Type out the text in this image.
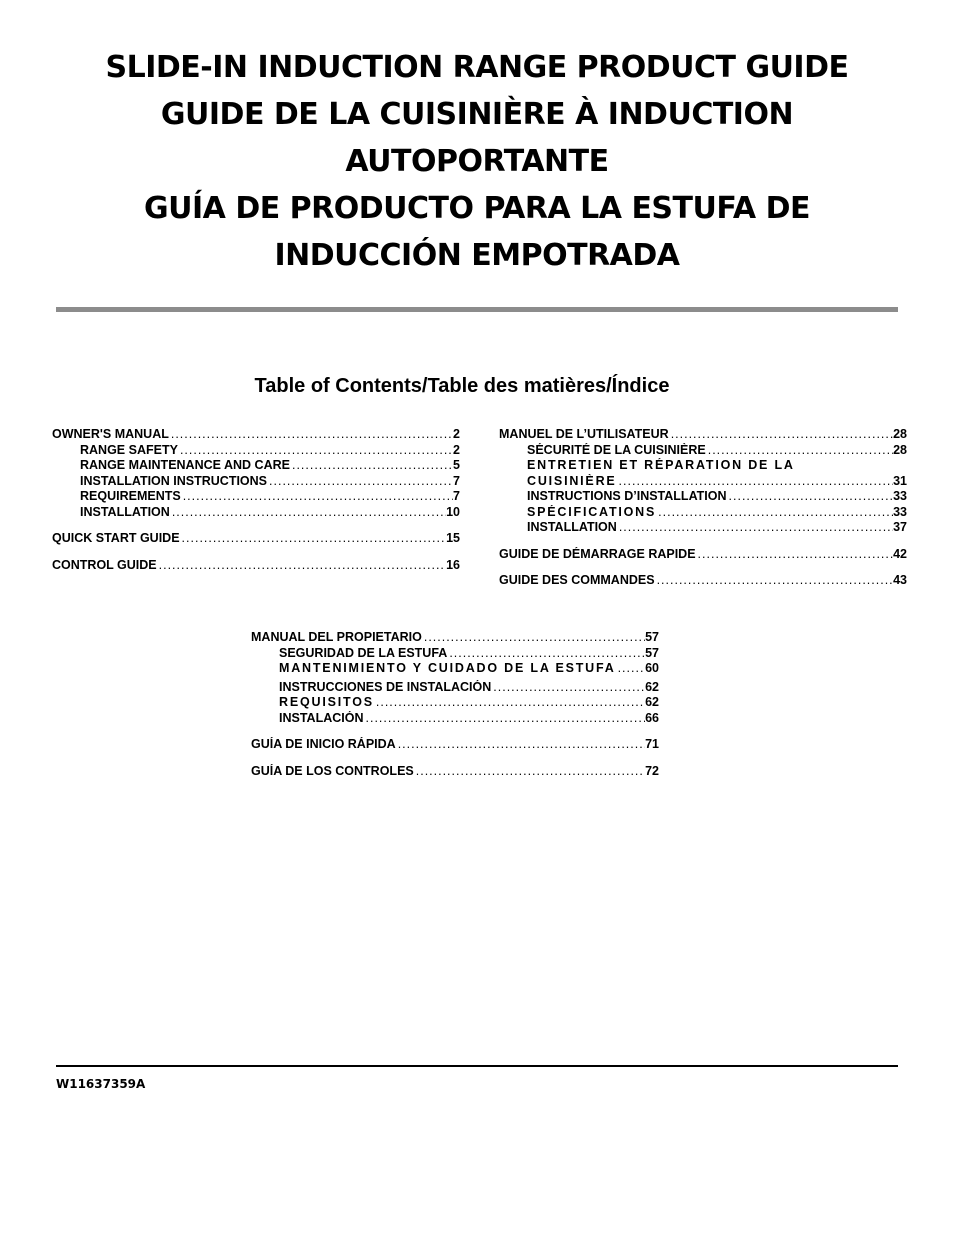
SLIDE-IN INDUCTION RANGE PRODUCT GUIDE
GUIDE DE LA CUISINIÈRE À INDUCTION
AUTOPORTANTE
GUÍA DE PRODUCTO PARA LA ESTUFA DE
INDUCCIÓN EMPOTRADA
Table of Contents/Table des matières/Índice
OWNER'S MANUAL .....	2
RANGE SAFETY .....	2
RANGE MAINTENANCE AND CARE .....	5
INSTALLATION INSTRUCTIONS .....	7
REQUIREMENTS .....	7
INSTALLATION .....	10
QUICK START GUIDE .....	15
CONTROL GUIDE .....	16
MANUEL DE L’UTILISATEUR .....	28
SÉCURITÉ DE LA CUISINIÈRE .....	28
ENTRETIEN ET RÉPARATION DE LA
CUISINIÈRE .....	31
INSTRUCTIONS D’INSTALLATION .....	33
SPÉCIFICATIONS .....	33
INSTALLATION .....	37
GUIDE DE DÉMARRAGE RAPIDE .....	42
GUIDE DES COMMANDES .....	43
MANUAL DEL PROPIETARIO .....	57
SEGURIDAD DE LA ESTUFA .....	57
MANTENIMIENTO Y CUIDADO DE LA ESTUFA ..... 60
INSTRUCCIONES DE INSTALACIÓN .....	62
REQUISITOS .....	62
INSTALACIÓN .....	66
GUÍA DE INICIO RÁPIDA .....	71
GUÍA DE LOS CONTROLES .....	72
W11637359A
